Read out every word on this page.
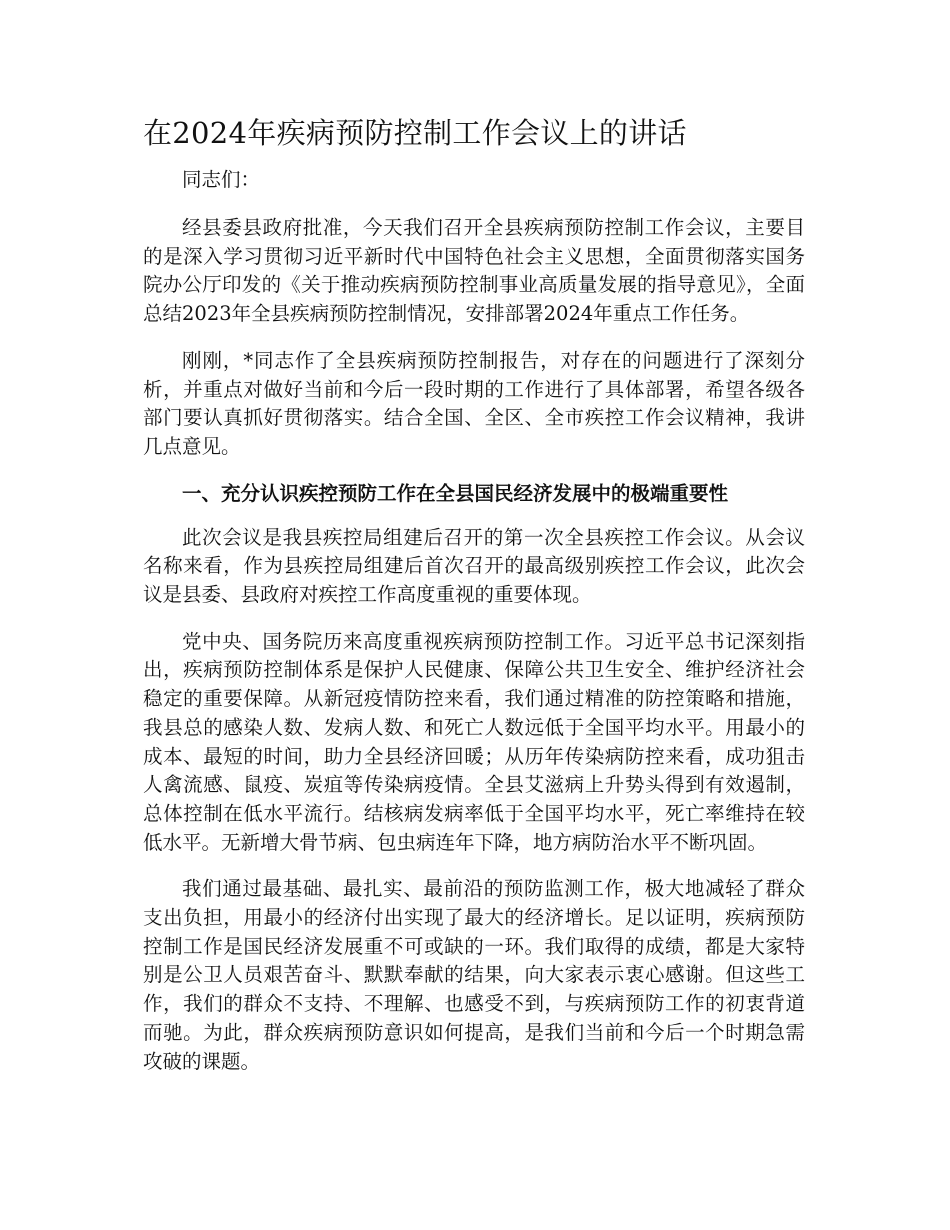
在2024年疾病预防控制工作会议上的讲话

同志们：

经县委县政府批准，今天我们召开全县疾病预防控制工作会议，主要目的是深入学习贯彻习近平新时代中国特色社会主义思想，全面贯彻落实国务院办公厅印发的《关于推动疾病预防控制事业高质量发展的指导意见》，全面总结2023年全县疾病预防控制情况，安排部署2024年重点工作任务。

刚刚，*同志作了全县疾病预防控制报告，对存在的问题进行了深刻分析，并重点对做好当前和今后一段时期的工作进行了具体部署，希望各级各部门要认真抓好贯彻落实。结合全国、全区、全市疾控工作会议精神，我讲几点意见。

一、充分认识疾控预防工作在全县国民经济发展中的极端重要性

此次会议是我县疾控局组建后召开的第一次全县疾控工作会议。从会议名称来看，作为县疾控局组建后首次召开的最高级别疾控工作会议，此次会议是县委、县政府对疾控工作高度重视的重要体现。

党中央、国务院历来高度重视疾病预防控制工作。习近平总书记深刻指出，疾病预防控制体系是保护人民健康、保障公共卫生安全、维护经济社会稳定的重要保障。从新冠疫情防控来看，我们通过精准的防控策略和措施，我县总的感染人数、发病人数、和死亡人数远低于全国平均水平。用最小的成本、最短的时间，助力全县经济回暖；从历年传染病防控来看，成功狙击人禽流感、鼠疫、炭疽等传染病疫情。全县艾滋病上升势头得到有效遏制，总体控制在低水平流行。结核病发病率低于全国平均水平，死亡率维持在较低水平。无新增大骨节病、包虫病连年下降，地方病防治水平不断巩固。

我们通过最基础、最扎实、最前沿的预防监测工作，极大地减轻了群众支出负担，用最小的经济付出实现了最大的经济增长。足以证明，疾病预防控制工作是国民经济发展重不可或缺的一环。我们取得的成绩，都是大家特别是公卫人员艰苦奋斗、默默奉献的结果，向大家表示衷心感谢。但这些工作，我们的群众不支持、不理解、也感受不到，与疾病预防工作的初衷背道而驰。为此，群众疾病预防意识如何提高，是我们当前和今后一个时期急需攻破的课题。
